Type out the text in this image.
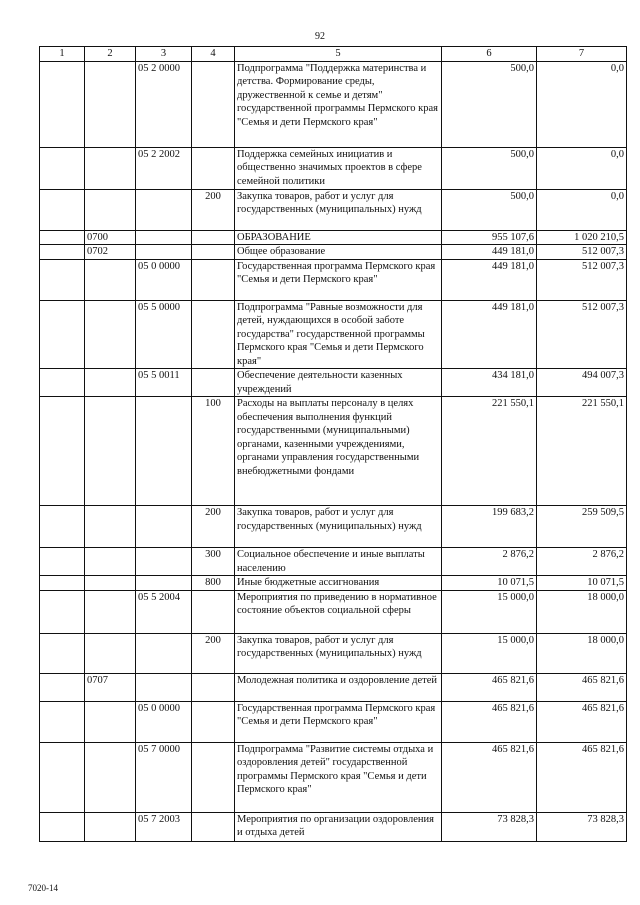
92
1	2	3	4	5	6	7
		05 2 0000		Подпрограмма "Поддержка материнства и детства. Формирование среды, дружественной к семье и детям" государственной программы Пермского края "Семья и дети Пермского края"	500,0	0,0
		05 2 2002		Поддержка семейных инициатив и общественно значимых проектов в сфере семейной политики	500,0	0,0
			200	Закупка товаров, работ и услуг для государственных (муниципальных) нужд	500,0	0,0
	0700			ОБРАЗОВАНИЕ	955 107,6	1 020 210,5
	0702			Общее образование	449 181,0	512 007,3
		05 0 0000		Государственная программа Пермского края "Семья и дети Пермского края"	449 181,0	512 007,3
		05 5 0000		Подпрограмма "Равные возможности для детей, нуждающихся в особой заботе государства" государственной программы Пермского края "Семья и дети Пермского края"	449 181,0	512 007,3
		05 5 0011		Обеспечение деятельности казенных учреждений	434 181,0	494 007,3
			100	Расходы на выплаты персоналу в целях обеспечения выполнения функций государственными (муниципальными) органами, казенными учреждениями, органами управления государственными внебюджетными фондами	221 550,1	221 550,1
			200	Закупка товаров, работ и услуг для государственных (муниципальных) нужд	199 683,2	259 509,5
			300	Социальное обеспечение и иные выплаты населению	2 876,2	2 876,2
			800	Иные бюджетные ассигнования	10 071,5	10 071,5
		05 5 2004		Мероприятия по приведению в нормативное состояние объектов социальной сферы	15 000,0	18 000,0
			200	Закупка товаров, работ и услуг для государственных (муниципальных) нужд	15 000,0	18 000,0
	0707			Молодежная политика и оздоровление детей	465 821,6	465 821,6
		05 0 0000		Государственная программа Пермского края "Семья и дети Пермского края"	465 821,6	465 821,6
		05 7 0000		Подпрограмма "Развитие системы отдыха и оздоровления детей" государственной программы Пермского края "Семья и дети Пермского края"	465 821,6	465 821,6
		05 7 2003		Мероприятия по организации оздоровления и отдыха детей	73 828,3	73 828,3
7020-14
